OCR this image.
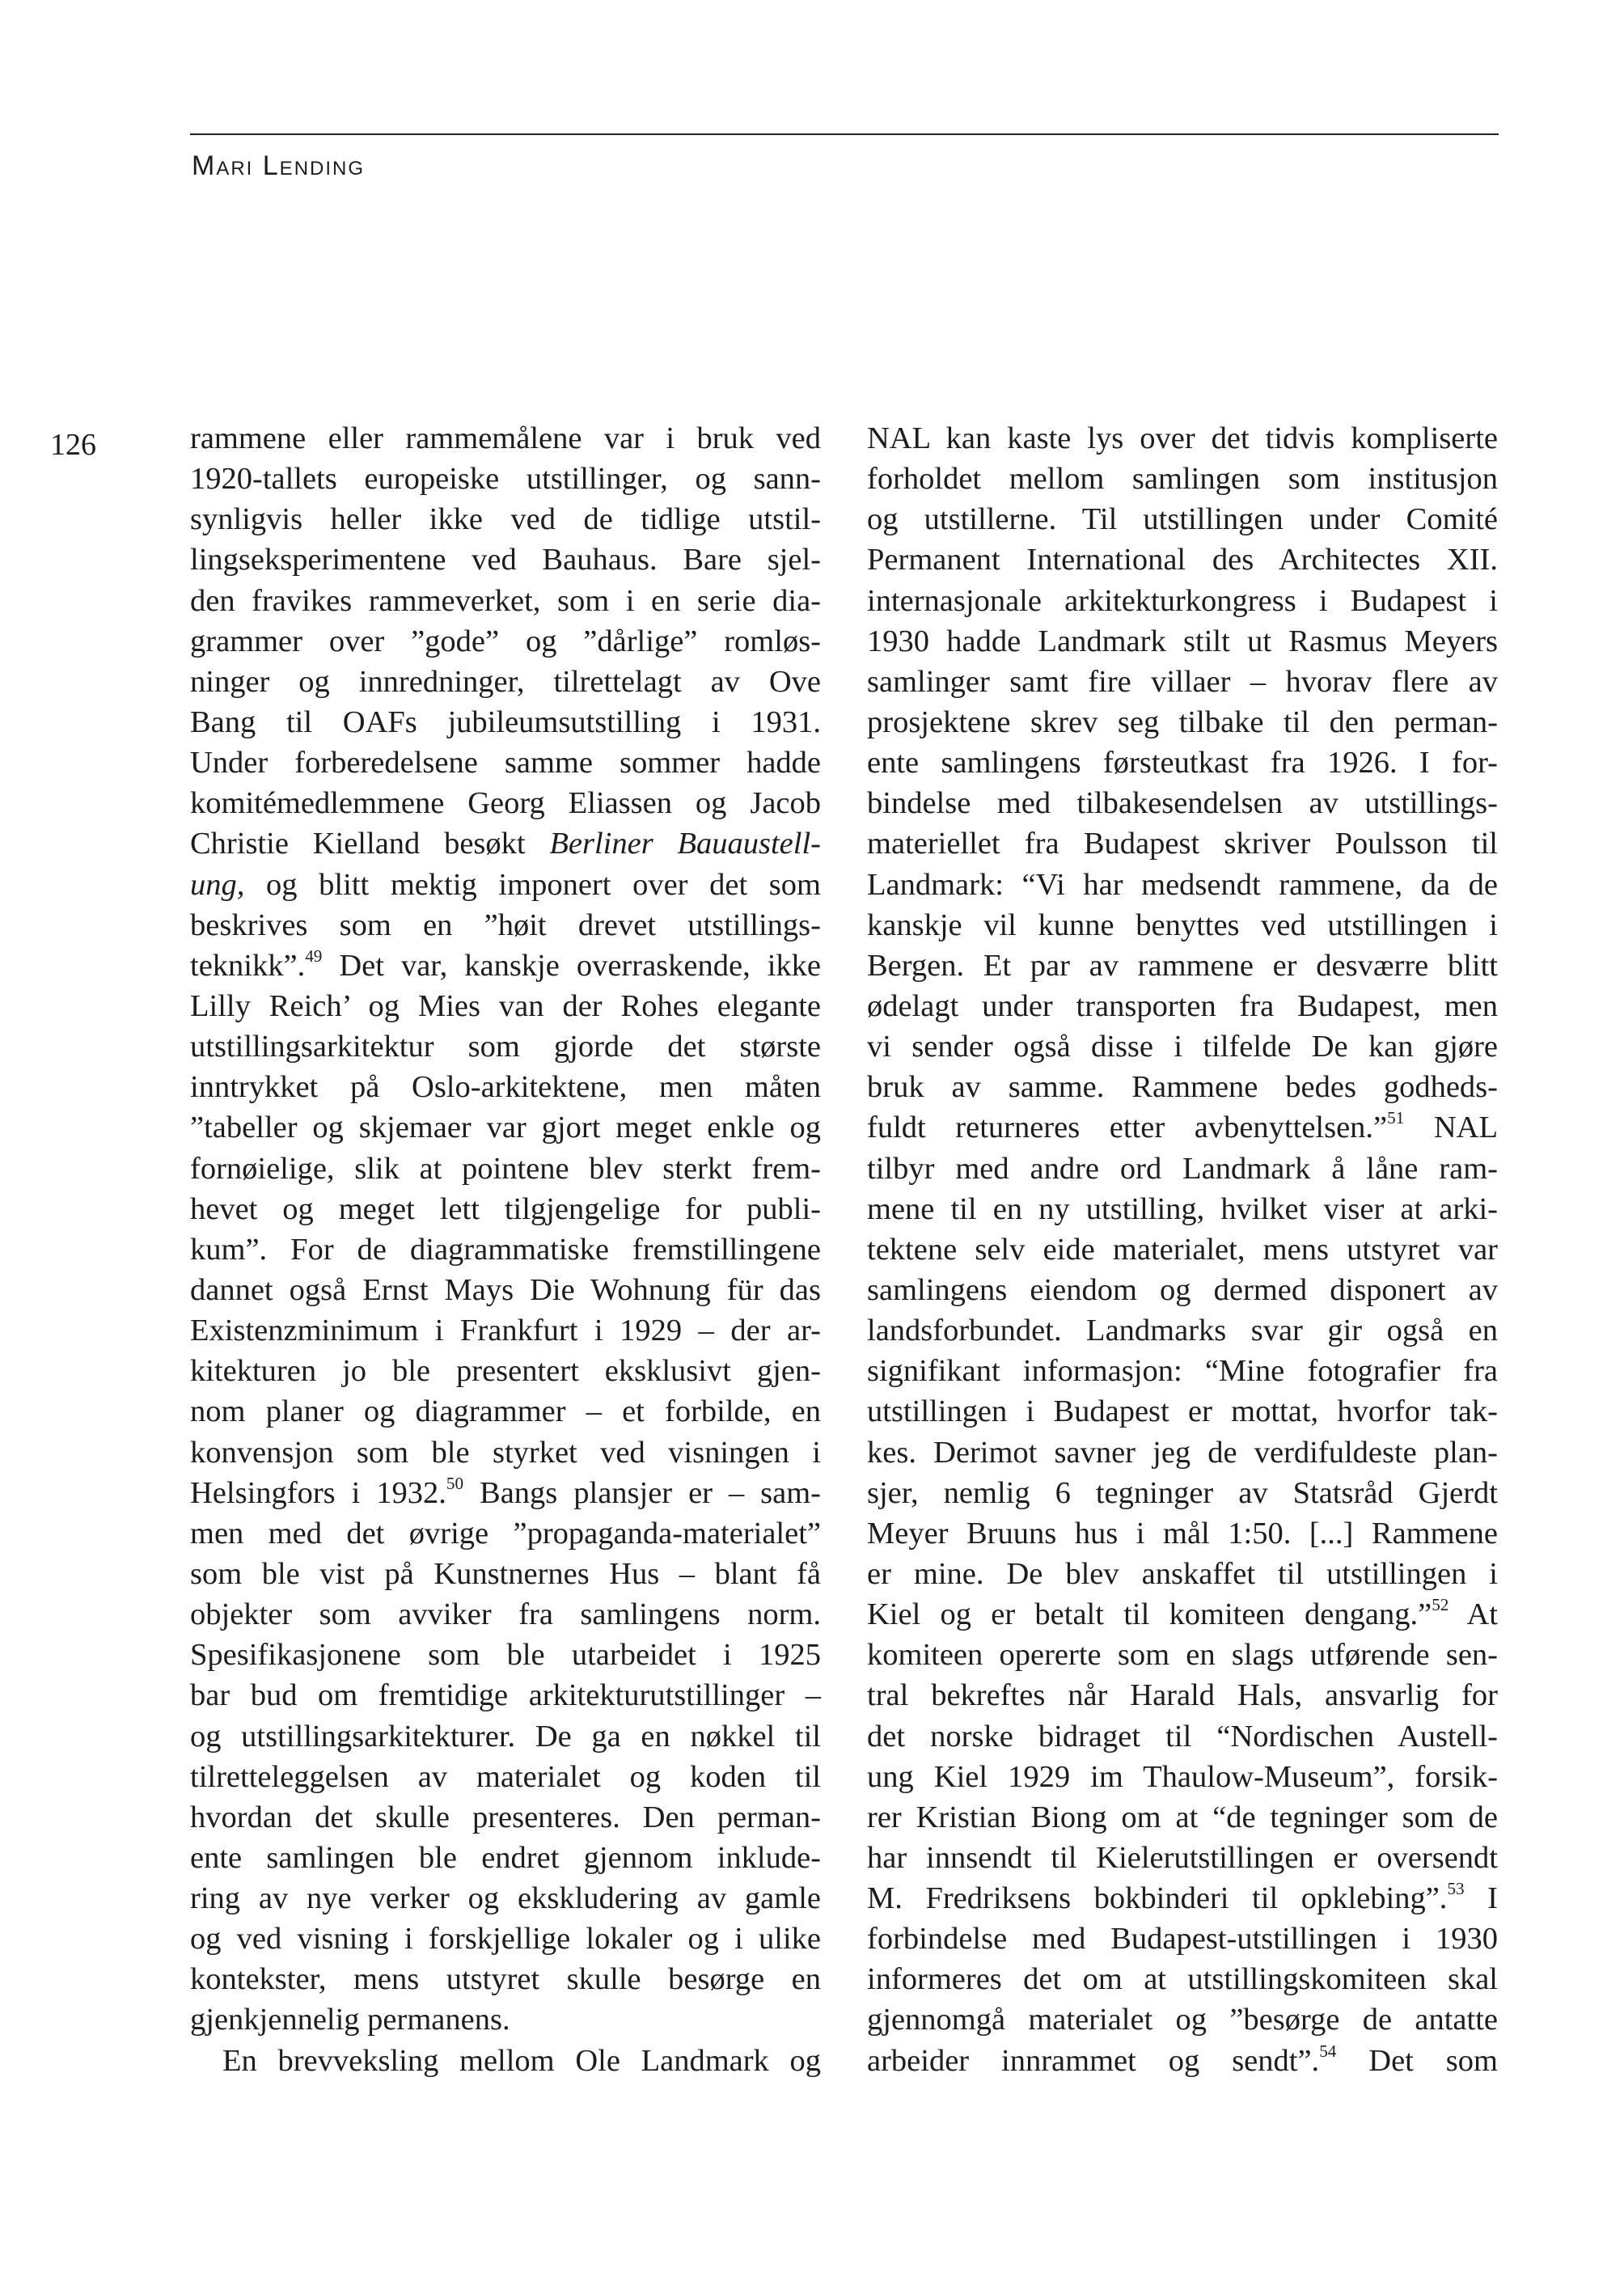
Mari Lending
126	rammene eller rammemålene var i bruk ved
1920-tallets europeiske utstillinger, og sann-
synligvis heller ikke ved de tidlige utstil-
lingseksperimentene ved Bauhaus. Bare sjel-
den fravikes rammeverket, som i en serie dia-
grammer over ”gode” og ”dårlige” romløs-
ninger og innredninger, tilrettelagt av Ove
Bang til OAFs jubileumsutstilling i 1931.
Under forberedelsene samme sommer hadde
komitémedlemmene Georg Eliassen og Jacob
Christie Kielland besøkt Berliner Bauaustell-
ung, og blitt mektig imponert over det som
beskrives som en ”høit drevet utstillings-
teknikk”.$^{49}$ Det var, kanskje overraskende, ikke
Lilly Reich’ og Mies van der Rohes elegante
utstillingsarkitektur som gjorde det største
inntrykket på Oslo-arkitektene, men måten
”tabeller og skjemaer var gjort meget enkle og
fornøielige, slik at pointene blev sterkt frem-
hevet og meget lett tilgjengelige for publi-
kum”. For de diagrammatiske fremstillingene
dannet også Ernst Mays Die Wohnung für das
Existenzminimum i Frankfurt i 1929 – der ar-
kitekturen jo ble presentert eksklusivt gjen-
nom planer og diagrammer – et forbilde, en
konvensjon som ble styrket ved visningen i
Helsingfors i 1932.50 Bangs plansjer er – sam-
men med det øvrige ”propaganda-materialet”
som ble vist på Kunstnernes Hus – blant få
objekter som avviker fra samlingens norm.
Spesifikasjonene som ble utarbeidet i 1925
bar bud om fremtidige arkitekturutstillinger –
og utstillingsarkitekturer. De ga en nøkkel til
tilretteleggelsen av materialet og koden til
hvordan det skulle presenteres. Den perman-
ente samlingen ble endret gjennom inklude-
ring av nye verker og ekskludering av gamle
og ved visning i forskjellige lokaler og i ulike
kontekster, mens utstyret skulle besørge en
gjenkjennelig permanens.
En brevveksling mellom Ole Landmark og
NAL kan kaste lys over det tidvis kompliserte
forholdet mellom samlingen som institusjon
og utstillerne. Til utstillingen under Comité
Permanent International des Architectes XII.
internasjonale arkitekturkongress i Budapest i
1930 hadde Landmark stilt ut Rasmus Meyers
samlinger samt fire villaer – hvorav flere av
prosjektene skrev seg tilbake til den perman-
ente samlingens førsteutkast fra 1926. I for-
bindelse med tilbakesendelsen av utstillings-
materiellet fra Budapest skriver Poulsson til
Landmark: “Vi har medsendt rammene, da de
kanskje vil kunne benyttes ved utstillingen i
Bergen. Et par av rammene er desværre blitt
ødelagt under transporten fra Budapest, men
vi sender også disse i tilfelde De kan gjøre
bruk av samme. Rammene bedes godheds-
fuldt returneres etter avbenyttelsen.”$^{51}$ NAL
tilbyr med andre ord Landmark å låne ram-
mene til en ny utstilling, hvilket viser at arki-
tektene selv eide materialet, mens utstyret var
samlingens eiendom og dermed disponert av
landsforbundet. Landmarks svar gir også en
signifikant informasjon: “Mine fotografier fra
utstillingen i Budapest er mottat, hvorfor tak-
kes. Derimot savner jeg de verdifuldeste plan-
sjer, nemlig 6 tegninger av Statsråd Gjerdt
Meyer Bruuns hus i mål 1:50. [...] Rammene
er mine. De blev anskaffet til utstillingen i
Kiel og er betalt til komiteen dengang.”$^{52}$ At
komiteen opererte som en slags utførende sen-
tral bekreftes når Harald Hals, ansvarlig for
det norske bidraget til “Nordischen Austell-
ung Kiel 1929 im Thaulow-Museum”, forsik-
rer Kristian Biong om at “de tegninger som de
har innsendt til Kielerutstillingen er oversendt
M. Fredriksens bokbinderi til opklebing”.$^{53}$ I
forbindelse med Budapest-utstillingen i 1930
informeres det om at utstillingskomiteen skal
gjennomgå materialet og ”besørge de antatte
arbeider innrammet og sendt”.$^{54}$ Det som
